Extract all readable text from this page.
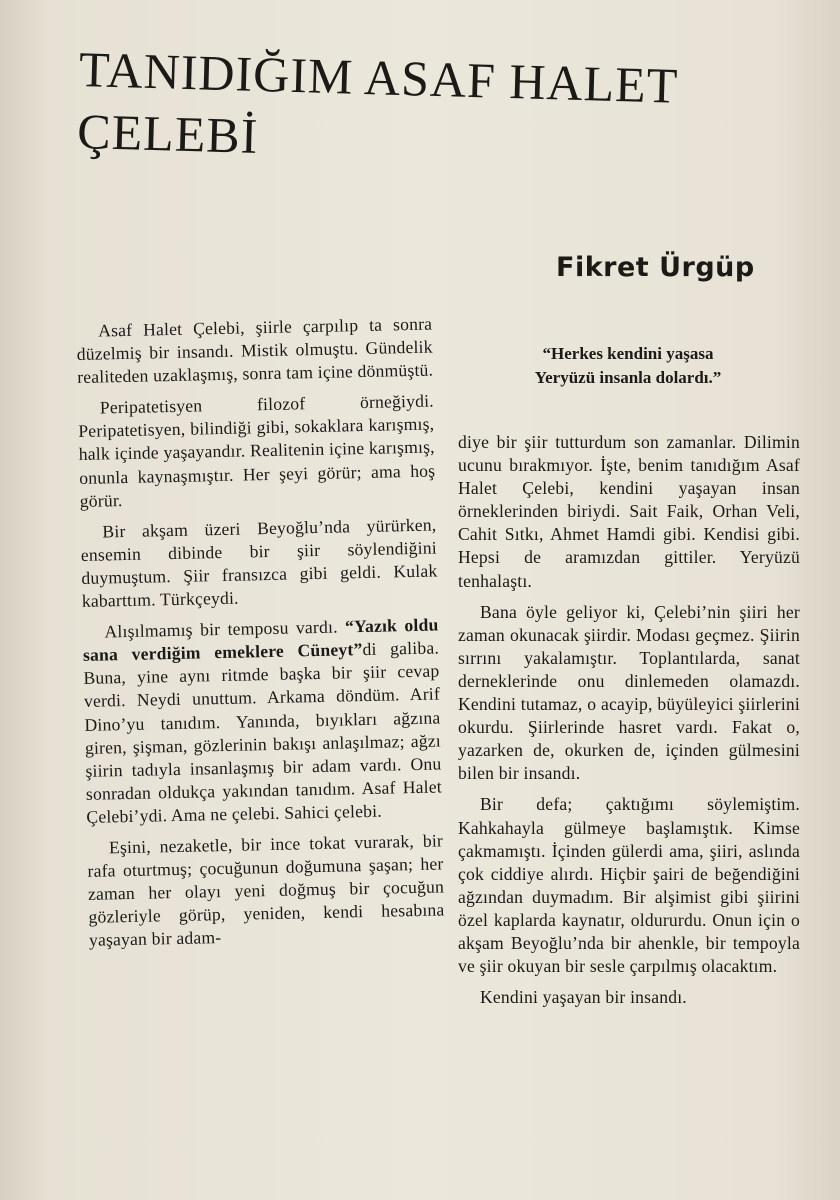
TANIDIĞIM ASAF HALET
ÇELEBİ
Fikret Ürgüp
“Herkes kendini yaşasa
Yeryüzü insanla dolardı.”

Asaf Halet Çelebi, şiirle çarpılıp ta sonra düzelmiş bir insandı. Mistik olmuştu. Gündelik realiteden uzaklaşmış, sonra tam içine dönmüştü.

Peripatetisyen filozof örneğiydi. Peripatetisyen, bilindiği gibi, sokaklara karışmış, halk içinde yaşayandır. Realitenin içine karışmış, onunla kaynaşmıştır. Her şeyi görür; ama hoş görür.

Bir akşam üzeri Beyoğlu’nda yürürken, ensemin dibinde bir şiir söylendiğini duymuştum. Şiir fransızca gibi geldi. Kulak kabarttım. Türkçeydi.

Alışılmamış bir temposu vardı. “Yazık oldu sana verdiğim emeklere Cüneyt”di galiba. Buna, yine aynı ritmde başka bir şiir cevap verdi. Neydi unuttum. Arkama döndüm. Arif Dino’yu tanıdım. Yanında, bıyıkları ağzına giren, şişman, gözlerinin bakışı anlaşılmaz; ağzı şiirin tadıyla insanlaşmış bir adam vardı. Onu sonradan oldukça yakından tanıdım. Asaf Halet Çelebi’ydi. Ama ne çelebi. Sahici çelebi.

Eşini, nezaketle, bir ince tokat vurarak, bir rafa oturtmuş; çocuğunun doğumuna şaşan; her zaman her olayı yeni doğmuş bir çocuğun gözleriyle görüp, yeniden, kendi hesabına yaşayan bir adam-

diye bir şiir tutturdum son zamanlar. Dilimin ucunu bırakmıyor. İşte, benim tanıdığım Asaf Halet Çelebi, kendini yaşayan insan örneklerinden biriydi. Sait Faik, Orhan Veli, Cahit Sıtkı, Ahmet Hamdi gibi. Kendisi gibi. Hepsi de aramızdan gittiler. Yeryüzü tenhalaştı.

Bana öyle geliyor ki, Çelebi’nin şiiri her zaman okunacak şiirdir. Modası geçmez. Şiirin sırrını yakalamıştır. Toplantılarda, sanat derneklerinde onu dinlemeden olamazdı. Kendini tutamaz, o acayip, büyüleyici şiirlerini okurdu. Şiirlerinde hasret vardı. Fakat o, yazarken de, okurken de, içinden gülmesini bilen bir insandı.

Bir defa; çaktığımı söylemiştim. Kahkahayla gülmeye başlamıştık. Kimse çakmamıştı. İçinden gülerdi ama, şiiri, aslında çok ciddiye alırdı. Hiçbir şairi de beğendiğini ağzından duymadım. Bir alşimist gibi şiirini özel kaplarda kaynatır, oldururdu. Onun için o akşam Beyoğlu’nda bir ahenkle, bir tempoyla ve şiir okuyan bir sesle çarpılmış olacaktım.

Kendini yaşayan bir insandı.
